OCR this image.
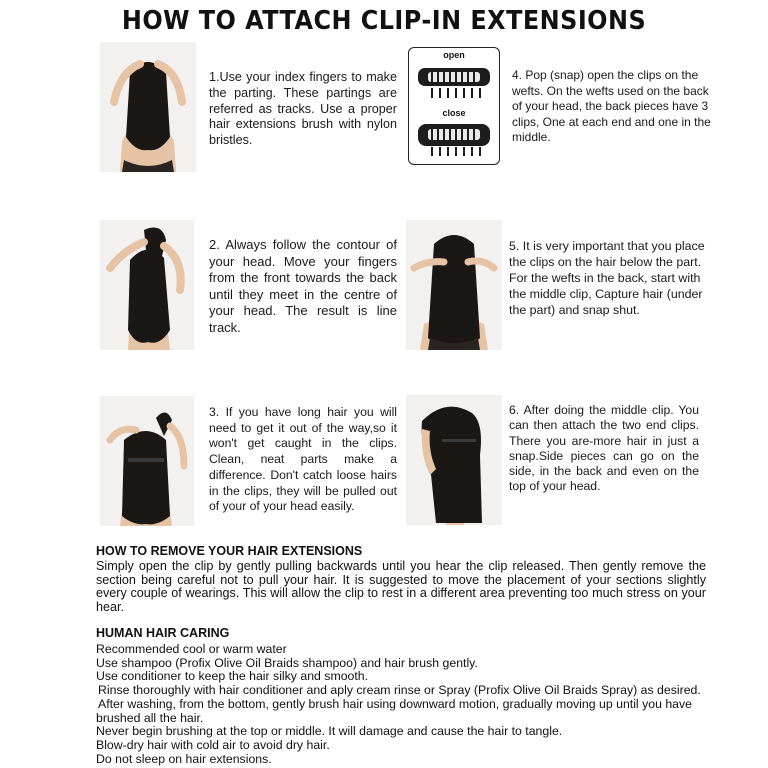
HOW TO ATTACH CLIP-IN EXTENSIONS
1.Use your index fingers to make the parting. These partings are referred as tracks. Use a proper hair extensions brush with nylon bristles.
open
close
4. Pop (snap) open the clips on the wefts. On the wefts used on the back of your head, the back pieces have 3 clips, One at each end and one in the middle.
2. Always follow the contour of your head. Move your fingers from the front towards the back until they meet in the centre of your head. The result is line track.
5. It is very important that you place the clips on the hair below the part. For the wefts in the back, start with the middle clip, Capture hair (under the part) and snap shut.
3. If you have long hair you will need to get it out of the way,so it won't get caught in the clips. Clean, neat parts make a difference. Don't catch loose hairs in the clips, they will be pulled out of your of your head easily.
6. After doing the middle clip. You can then attach the two end clips. There you are-more hair in just a snap.Side pieces can go on the side, in the back and even on the top of your head.
HOW TO REMOVE YOUR HAIR EXTENSIONS
Simply open the clip by gently pulling backwards until you hear the clip released. Then gently remove the section being careful not to pull your hair. It is suggested to move the placement of your sections slightly every couple of wearings. This will allow the clip to rest in a different area preventing too much stress on your hear.
HUMAN HAIR CARING
Recommended cool or warm water
Use shampoo (Profix Olive Oil Braids shampoo) and hair brush gently.
Use conditioner to keep the hair silky and smooth.
Rinse thoroughly with hair conditioner and aply cream rinse or Spray (Profix Olive Oil Braids Spray) as desired.
After washing, from the bottom, gently brush hair using downward motion, gradually moving up until you have
brushed all the hair.
Never begin brushing at the top or middle. It will damage and cause the hair to tangle.
Blow-dry hair with cold air to avoid dry hair.
Do not sleep on hair extensions.
